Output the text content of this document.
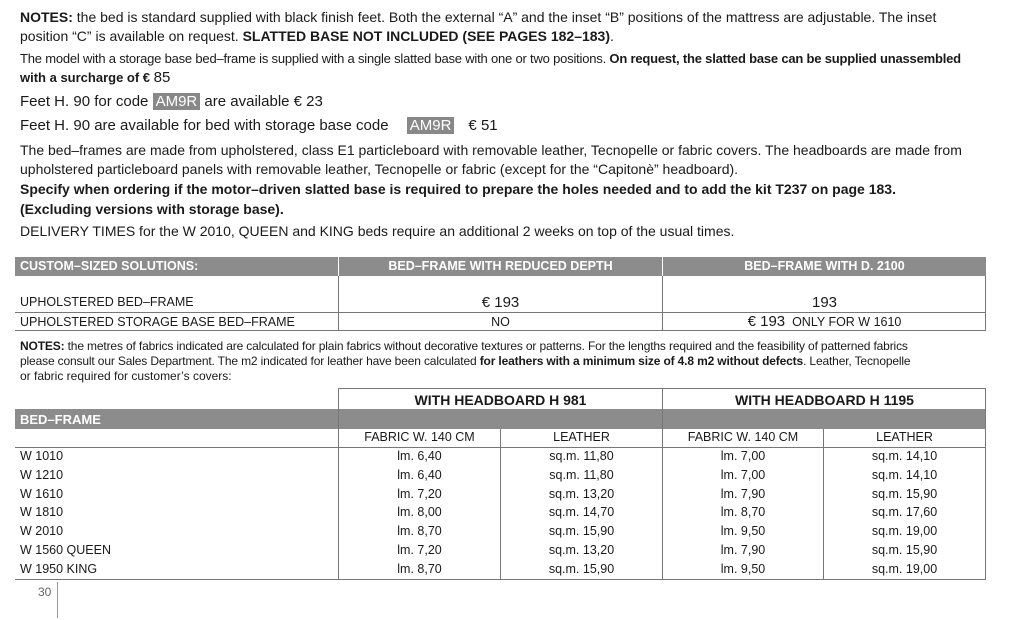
NOTES: the bed is standard supplied with black finish feet. Both the external “A” and the inset “B” positions of the mattress are adjustable. The inset
position “C” is available on request. SLATTED BASE NOT INCLUDED (SEE PAGES 182–183).
The model with a storage base bed–frame is supplied with a single slatted base with one or two positions. On request, the slatted base can be supplied unassembled
with a surcharge of € 85
Feet H. 90 for code AM9R are available € 23
Feet H. 90 are available for bed with storage base code AM9R € 51
The bed–frames are made from upholstered, class E1 particleboard with removable leather, Tecnopelle or fabric covers. The headboards are made from
upholstered particleboard panels with removable leather, Tecnopelle or fabric (except for the “Capitonè” headboard).
Specify when ordering if the motor–driven slatted base is required to prepare the holes needed and to add the kit T237 on page 183.
(Excluding versions with storage base).
DELIVERY TIMES for the W 2010, QUEEN and KING beds require an additional 2 weeks on top of the usual times.
CUSTOM–SIZED SOLUTIONS:	BED–FRAME WITH REDUCED DEPTH	BED–FRAME WITH D. 2100
UPHOLSTERED BED–FRAME	€ 193	193
UPHOLSTERED STORAGE BASE BED–FRAME	NO	€ 193  ONLY FOR W 1610
NOTES: the metres of fabrics indicated are calculated for plain fabrics without decorative textures or patterns. For the lengths required and the feasibility of patterned fabrics
please consult our Sales Department. The m2 indicated for leather have been calculated for leathers with a minimum size of 4.8 m2 without defects. Leather, Tecnopelle
or fabric required for customer’s covers:
WITH HEADBOARD H 981	WITH HEADBOARD H 1195
BED–FRAME
FABRIC W. 140 CM	LEATHER	FABRIC W. 140 CM	LEATHER
W 1010	lm. 6,40	sq.m. 11,80	lm. 7,00	sq.m. 14,10
W 1210	lm. 6,40	sq.m. 11,80	lm. 7,00	sq.m. 14,10
W 1610	lm. 7,20	sq.m. 13,20	lm. 7,90	sq.m. 15,90
W 1810	lm. 8,00	sq.m. 14,70	lm. 8,70	sq.m. 17,60
W 2010	lm. 8,70	sq.m. 15,90	lm. 9,50	sq.m. 19,00
W 1560 QUEEN	lm. 7,20	sq.m. 13,20	lm. 7,90	sq.m. 15,90
W 1950 KING	lm. 8,70	sq.m. 15,90	lm. 9,50	sq.m. 19,00
30
